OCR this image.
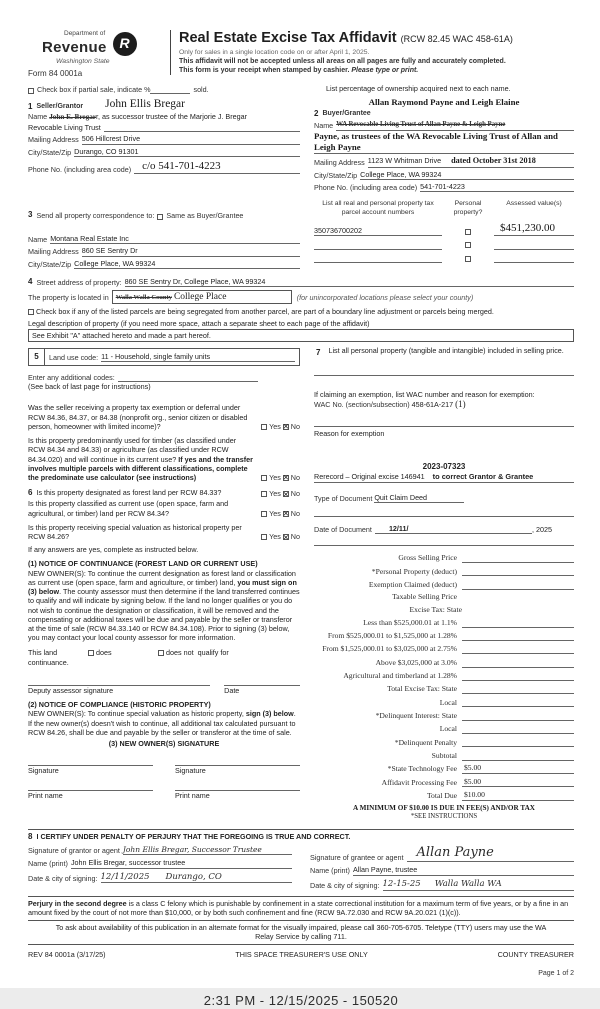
Department of
Revenue
Washington State
R
Form 84 0001a
Real Estate Excise Tax Affidavit (RCW 82.45 WAC 458-61A)
Only for sales in a single location code on or after April 1, 2025.
This affidavit will not be accepted unless all areas on all pages are fully and accurately completed.
This form is your receipt when stamped by cashier. Please type or print.
Check box if partial sale, indicate %	sold.	List percentage of ownership acquired next to each name.
1 Seller/Grantor John Ellis Bregar
Name John E. Bregarr, as successor trustee of the Marjorie J. Bregar
Revocable Living Trust
Mailing Address 506 Hillcrest Drive
City/State/Zip Durango, CO 91301
Phone No. (including area code)	c/o 541-701-4223
Allan Raymond Payne and Leigh Elaine
2 Buyer/Grantee
Name WA Revocable Living Trust of Allan Payne & Leigh Payne
Payne, as trustees of the WA Revocable Living Trust of Allan and Leigh Payne
Mailing Address 1123 W Whitman Drive dated October 31st 2018
City/State/Zip College Place, WA 99324
Phone No. (including area code) 541-701-4223
3 Send all property correspondence to: Same as Buyer/Grantee
Name Montana Real Estate Inc
Mailing Address 860 SE Sentry Dr
City/State/Zip College Place, WA 99324
List all real and personal property tax parcel account numbers
Personal property?
Assessed value(s)
350736700202	$451,230.00
4 Street address of property: 860 SE Sentry Dr, College Place, WA 99324
The property is located in	Walla Walla County College Place	(for unincorporated locations please select your county)
Check box if any of the listed parcels are being segregated from another parcel, are part of a boundary line adjustment or parcels being merged.
Legal description of property (if you need more space, attach a separate sheet to each page of the affidavit)
See Exhibit "A" attached hereto and made a part hereof.
5	Land use code: 11 - Household, single family units
Enter any additional codes:
(See back of last page for instructions)

Was the seller receiving a property tax exemption or deferral under RCW 84.36, 84.37, or 84.38 (nonprofit org., senior citizen or disabled person, homeowner with limited income)?	Yes ✕ No

Is this property predominantly used for timber (as classified under RCW 84.34 and 84.33) or agriculture (as classified under RCW 84.34.020) and will continue in its current use? If yes and the transfer involves multiple parcels with different classifications, complete the predominate use calculator (see instructions)	Yes ✕ No

6 Is this property designated as forest land per RCW 84.33?	Yes ✕ No

Is this property classified as current use (open space, farm and agricultural, or timber) land per RCW 84.34?	Yes ✕ No

Is this property receiving special valuation as historical property per RCW 84.26?	Yes ✕ No
If any answers are yes, complete as instructed below.
(1) NOTICE OF CONTINUANCE (FOREST LAND OR CURRENT USE)

NEW OWNER(S): To continue the current designation as forest land or classification as current use (open space, farm and agriculture, or timber) land, you must sign on (3) below. The county assessor must then determine if the land transferred continues to qualify and will indicate by signing below. If the land no longer qualifies or you do not wish to continue the designation or classification, it will be removed and the compensating or additional taxes will be due and payable by the seller or transferor at the time of sale (RCW 84.33.140 or RCW 84.34.108). Prior to signing (3) below, you may contact your local county assessor for more information.

This land	does	does not qualify for
continuance.
Deputy assessor signature	Date
(2) NOTICE OF COMPLIANCE (HISTORIC PROPERTY)

NEW OWNER(S): To continue special valuation as historic property, sign (3) below. If the new owner(s) doesn't wish to continue, all additional tax calculated pursuant to RCW 84.26, shall be due and payable by the seller or transferor at the time of sale.

(3) NEW OWNER(S) SIGNATURE
Signature	Signature
Print name	Print name
7 List all personal property (tangible and intangible) included in selling price.

If claiming an exemption, list WAC number and reason for exemption:
WAC No. (section/subsection) 458-61A-217 (1)
Reason for exemption
2023-07323
Rerecord – Original excise 146941 to correct Grantor & Grantee
Type of Document
Quit Claim Deed
Date of Document	12/11/	, 2025
Gross Selling Price
*Personal Property (deduct)
Exemption Claimed (deduct)
Taxable Selling Price
Excise Tax: State
Less than $525,000.01 at 1.1%
From $525,000.01 to $1,525,000 at 1.28%
From $1,525,000.01 to $3,025,000 at 2.75%
Above $3,025,000 at 3.0%
Agricultural and timberland at 1.28%
Total Excise Tax: State
Local
*Delinquent Interest: State
Local
*Delinquent Penalty
Subtotal
*State Technology Fee $5.00
Affidavit Processing Fee $5.00
Total Due $10.00
A MINIMUM OF $10.00 IS DUE IN FEE(S) AND/OR TAX
*SEE INSTRUCTIONS
8 I CERTIFY UNDER PENALTY OF PERJURY THAT THE FOREGOING IS TRUE AND CORRECT.
Signature of grantor or agent John Ellis Bregar, Successor Trustee
Name (print) John Ellis Bregar, successor trustee
Date & city of signing: 12/11/2025 Durango, CO
Signature of grantee or agent	Allan Payne
Name (print) Allan Payne, trustee
Date & city of signing: 12-15-25 Walla Walla WA
Perjury in the second degree is a class C felony which is punishable by confinement in a state correctional institution for a maximum term of five years, or by a fine in an amount fixed by the court of not more than $10,000, or by both such confinement and fine (RCW 9A.72.030 and RCW 9A.20.021 (1)(c)).
To ask about availability of this publication in an alternate format for the visually impaired, please call 360-705-6705. Teletype (TTY) users may use the WA Relay Service by calling 711.
REV 84 0001a (3/17/25)	THIS SPACE TREASURER'S USE ONLY	COUNTY TREASURER
Page 1 of 2
2:31 PM - 12/15/2025 - 150520
